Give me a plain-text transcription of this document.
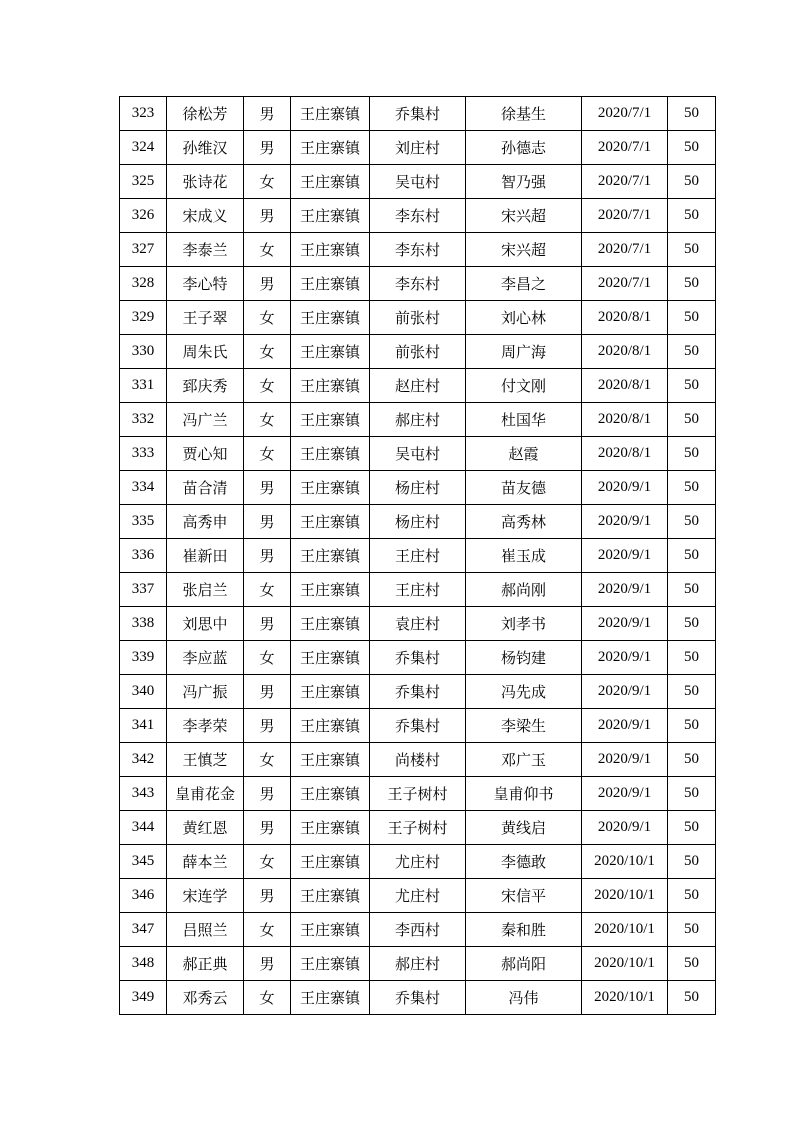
323	徐松芳	男	王庄寨镇	乔集村	徐基生	2020/7/1	50
324	孙维汉	男	王庄寨镇	刘庄村	孙德志	2020/7/1	50
325	张诗花	女	王庄寨镇	吴屯村	智乃强	2020/7/1	50
326	宋成义	男	王庄寨镇	李东村	宋兴超	2020/7/1	50
327	李泰兰	女	王庄寨镇	李东村	宋兴超	2020/7/1	50
328	李心特	男	王庄寨镇	李东村	李昌之	2020/7/1	50
329	王子翠	女	王庄寨镇	前张村	刘心林	2020/8/1	50
330	周朱氏	女	王庄寨镇	前张村	周广海	2020/8/1	50
331	郅庆秀	女	王庄寨镇	赵庄村	付文刚	2020/8/1	50
332	冯广兰	女	王庄寨镇	郝庄村	杜国华	2020/8/1	50
333	贾心知	女	王庄寨镇	吴屯村	赵霞	2020/8/1	50
334	苗合清	男	王庄寨镇	杨庄村	苗友德	2020/9/1	50
335	高秀申	男	王庄寨镇	杨庄村	高秀林	2020/9/1	50
336	崔新田	男	王庄寨镇	王庄村	崔玉成	2020/9/1	50
337	张启兰	女	王庄寨镇	王庄村	郝尚刚	2020/9/1	50
338	刘思中	男	王庄寨镇	袁庄村	刘孝书	2020/9/1	50
339	李应蓝	女	王庄寨镇	乔集村	杨钧建	2020/9/1	50
340	冯广振	男	王庄寨镇	乔集村	冯先成	2020/9/1	50
341	李孝荣	男	王庄寨镇	乔集村	李梁生	2020/9/1	50
342	王慎芝	女	王庄寨镇	尚楼村	邓广玉	2020/9/1	50
343	皇甫花金	男	王庄寨镇	王子树村	皇甫仰书	2020/9/1	50
344	黄红恩	男	王庄寨镇	王子树村	黄线启	2020/9/1	50
345	薛本兰	女	王庄寨镇	尤庄村	李德敢	2020/10/1	50
346	宋连学	男	王庄寨镇	尤庄村	宋信平	2020/10/1	50
347	吕照兰	女	王庄寨镇	李西村	秦和胜	2020/10/1	50
348	郝正典	男	王庄寨镇	郝庄村	郝尚阳	2020/10/1	50
349	邓秀云	女	王庄寨镇	乔集村	冯伟	2020/10/1	50
